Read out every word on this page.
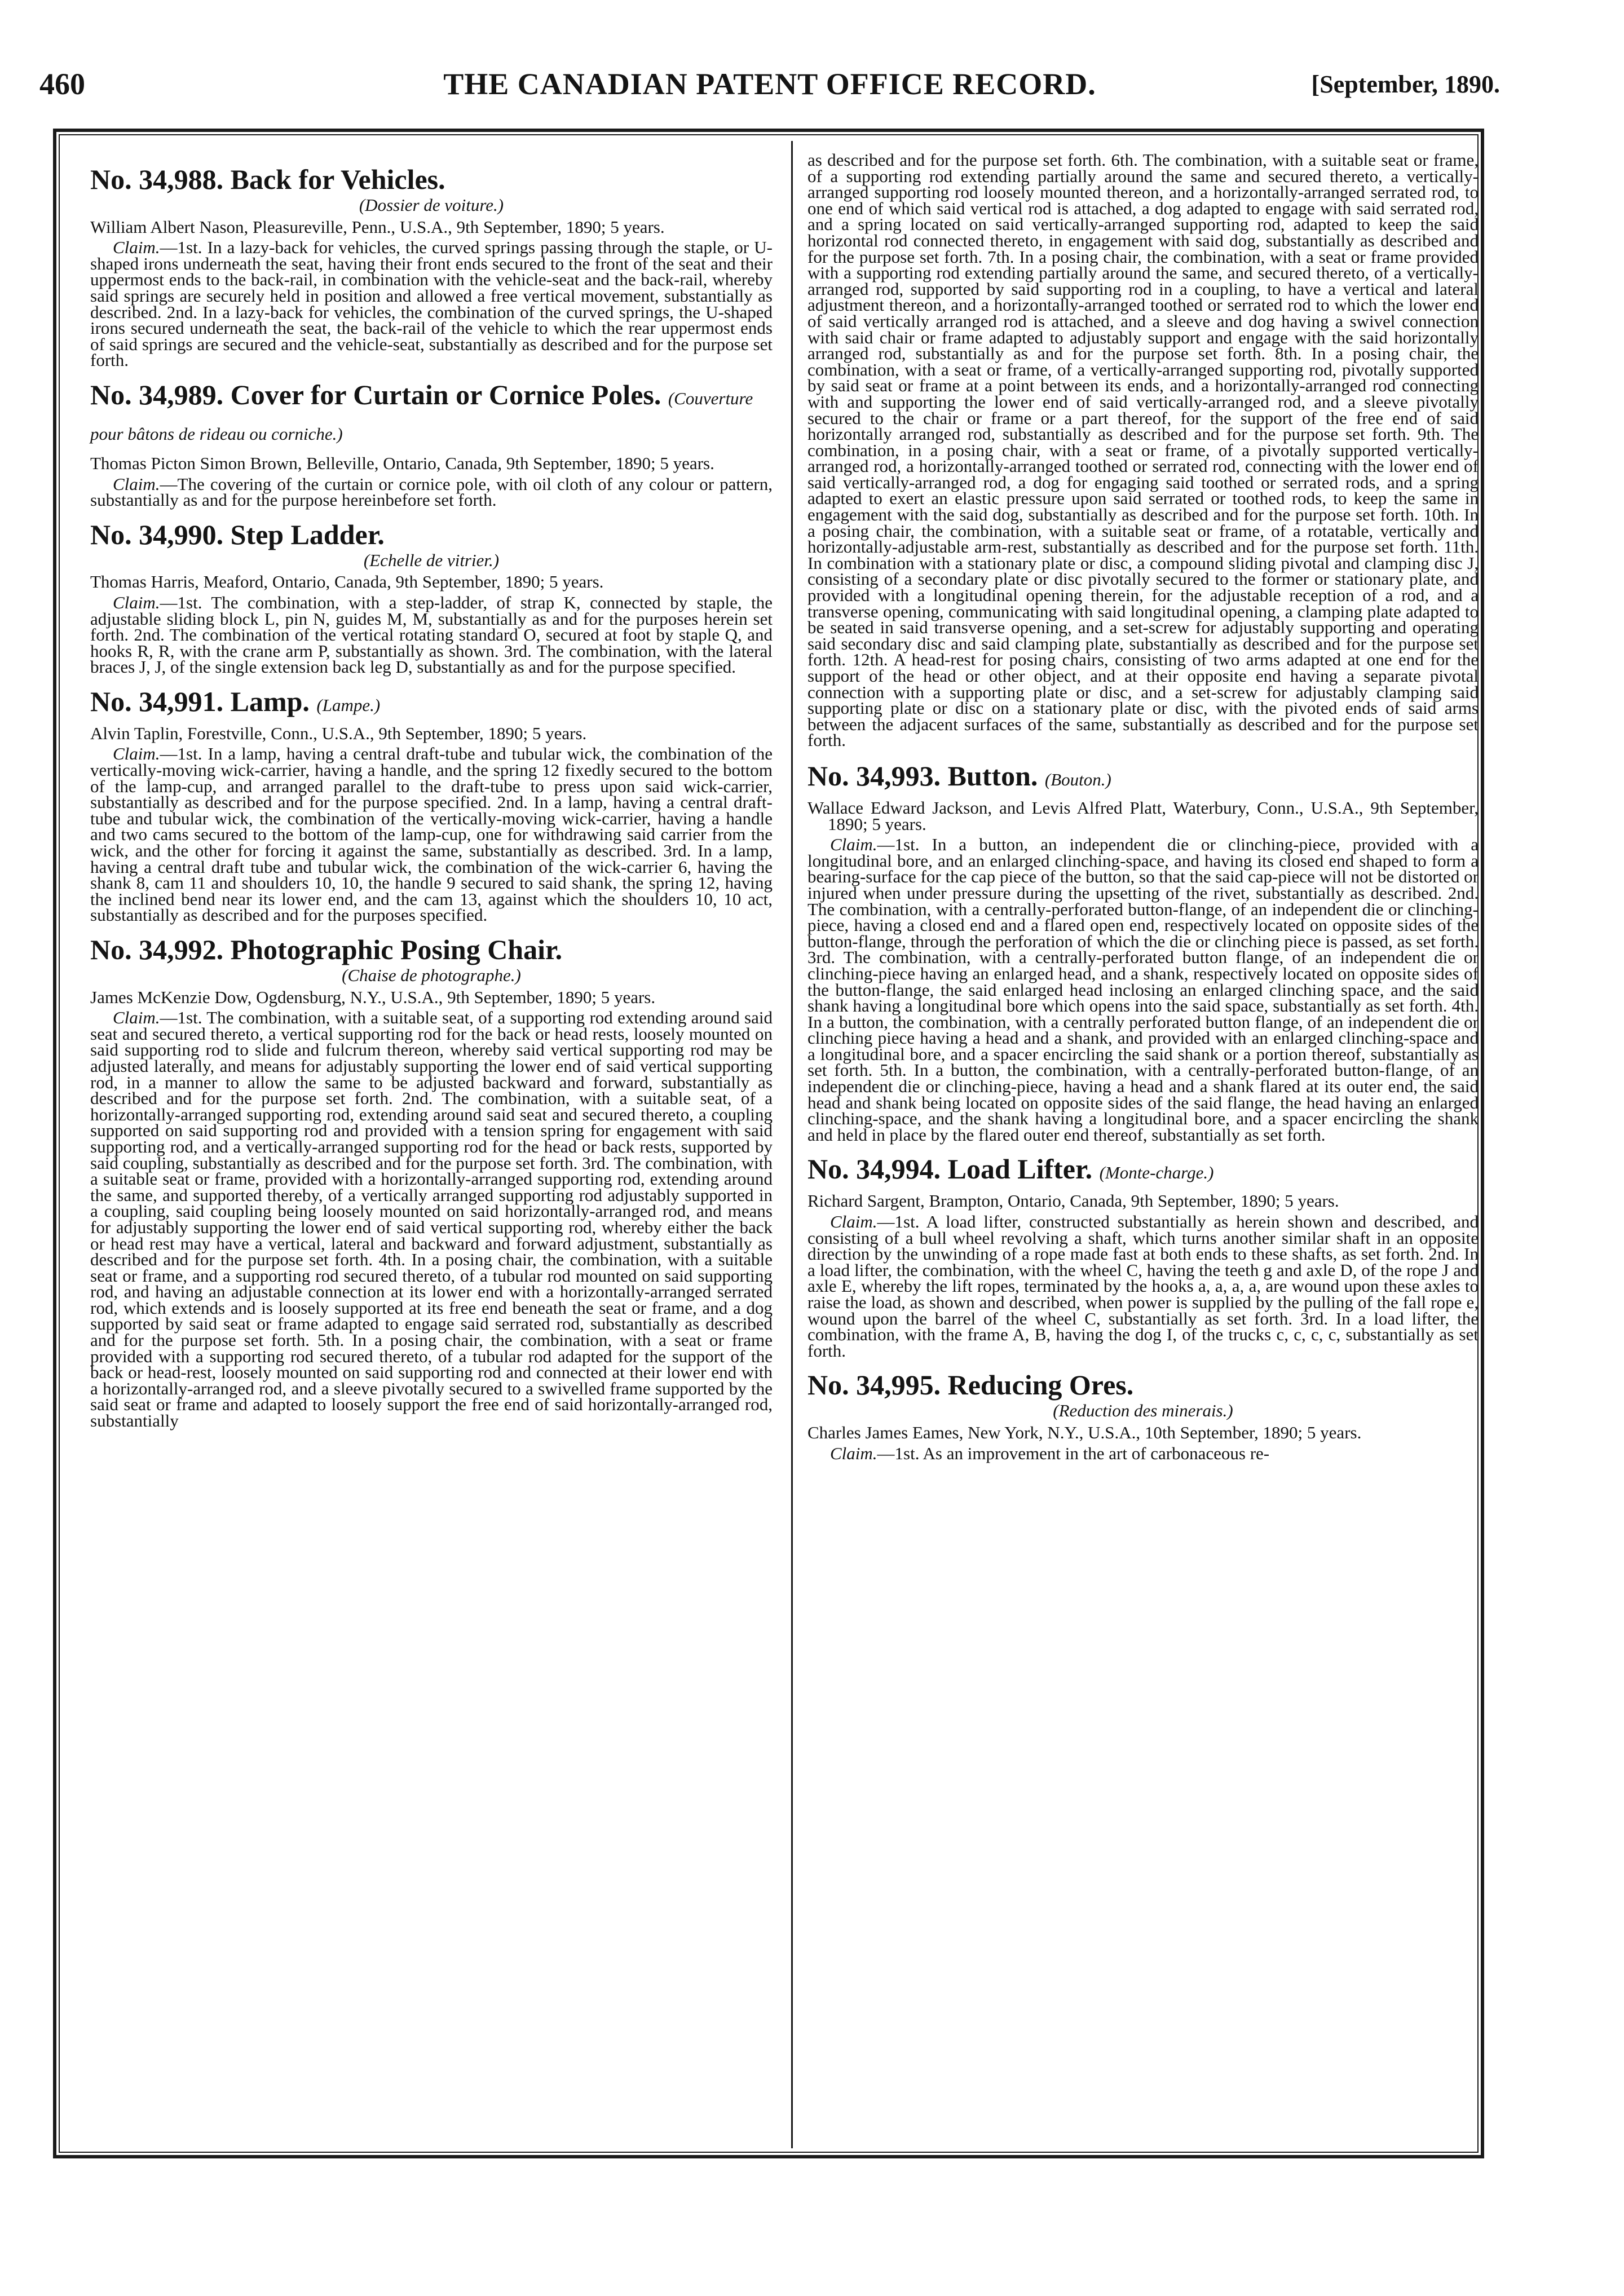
460	THE CANADIAN PATENT OFFICE RECORD.	[September, 1890.

No. 34,988. Back for Vehicles.

(Dossier de voiture.)

William Albert Nason, Pleasureville, Penn., U.S.A., 9th September, 1890; 5 years.

Claim.—1st. In a lazy-back for vehicles, the curved springs passing through the staple, or U-shaped irons underneath the seat, having their front ends secured to the front of the seat and their uppermost ends to the back-rail, in combination with the vehicle-seat and the back-rail, whereby said springs are securely held in position and allowed a free vertical movement, substantially as described. 2nd. In a lazy-back for vehicles, the combination of the curved springs, the U-shaped irons secured underneath the seat, the back-rail of the vehicle to which the rear uppermost ends of said springs are secured and the vehicle-seat, substantially as described and for the purpose set forth.

No. 34,989. Cover for Curtain or Cornice Poles. (Couverture pour bâtons de rideau ou corniche.)

Thomas Picton Simon Brown, Belleville, Ontario, Canada, 9th September, 1890; 5 years.

Claim.—The covering of the curtain or cornice pole, with oil cloth of any colour or pattern, substantially as and for the purpose hereinbefore set forth.

No. 34,990. Step Ladder.

(Echelle de vitrier.)

Thomas Harris, Meaford, Ontario, Canada, 9th September, 1890; 5 years.

Claim.—1st. The combination, with a step-ladder, of strap K, connected by staple, the adjustable sliding block L, pin N, guides M, M, substantially as and for the purposes herein set forth. 2nd. The combination of the vertical rotating standard O, secured at foot by staple Q, and hooks R, R, with the crane arm P, substantially as shown. 3rd. The combination, with the lateral braces J, J, of the single extension back leg D, substantially as and for the purpose specified.

No. 34,991. Lamp. (Lampe.)

Alvin Taplin, Forestville, Conn., U.S.A., 9th September, 1890; 5 years.

Claim.—1st. In a lamp, having a central draft-tube and tubular wick, the combination of the vertically-moving wick-carrier, having a handle, and the spring 12 fixedly secured to the bottom of the lamp-cup, and arranged parallel to the draft-tube to press upon said wick-carrier, substantially as described and for the purpose specified. 2nd. In a lamp, having a central draft-tube and tubular wick, the combination of the vertically-moving wick-carrier, having a handle and two cams secured to the bottom of the lamp-cup, one for withdrawing said carrier from the wick, and the other for forcing it against the same, substantially as described. 3rd. In a lamp, having a central draft tube and tubular wick, the combination of the wick-carrier 6, having the shank 8, cam 11 and shoulders 10, 10, the handle 9 secured to said shank, the spring 12, having the inclined bend near its lower end, and the cam 13, against which the shoulders 10, 10 act, substantially as described and for the purposes specified.

No. 34,992. Photographic Posing Chair.

(Chaise de photographe.)

James McKenzie Dow, Ogdensburg, N.Y., U.S.A., 9th September, 1890; 5 years.

Claim.—1st. The combination, with a suitable seat, of a supporting rod extending around said seat and secured thereto, a vertical supporting rod for the back or head rests, loosely mounted on said supporting rod to slide and fulcrum thereon, whereby said vertical supporting rod may be adjusted laterally, and means for adjustably supporting the lower end of said vertical supporting rod, in a manner to allow the same to be adjusted backward and forward, substantially as described and for the purpose set forth. 2nd. The combination, with a suitable seat, of a horizontally-arranged supporting rod, extending around said seat and secured thereto, a coupling supported on said supporting rod and provided with a tension spring for engagement with said supporting rod, and a vertically-arranged supporting rod for the head or back rests, supported by said coupling, substantially as described and for the purpose set forth. 3rd. The combination, with a suitable seat or frame, provided with a horizontally-arranged supporting rod, extending around the same, and supported thereby, of a vertically arranged supporting rod adjustably supported in a coupling, said coupling being loosely mounted on said horizontally-arranged rod, and means for adjustably supporting the lower end of said vertical supporting rod, whereby either the back or head rest may have a vertical, lateral and backward and forward adjustment, substantially as described and for the purpose set forth. 4th. In a posing chair, the combination, with a suitable seat or frame, and a supporting rod secured thereto, of a tubular rod mounted on said supporting rod, and having an adjustable connection at its lower end with a horizontally-arranged serrated rod, which extends and is loosely supported at its free end beneath the seat or frame, and a dog supported by said seat or frame adapted to engage said serrated rod, substantially as described and for the purpose set forth. 5th. In a posing chair, the combination, with a seat or frame provided with a supporting rod secured thereto, of a tubular rod adapted for the support of the back or head-rest, loosely mounted on said supporting rod and connected at their lower end with a horizontally-arranged rod, and a sleeve pivotally secured to a swivelled frame supported by the said seat or frame and adapted to loosely support the free end of said horizontally-arranged rod, substantially

as described and for the purpose set forth. 6th. The combination, with a suitable seat or frame, of a supporting rod extending partially around the same and secured thereto, a vertically-arranged supporting rod loosely mounted thereon, and a horizontally-arranged serrated rod, to one end of which said vertical rod is attached, a dog adapted to engage with said serrated rod, and a spring located on said vertically-arranged supporting rod, adapted to keep the said horizontal rod connected thereto, in engagement with said dog, substantially as described and for the purpose set forth. 7th. In a posing chair, the combination, with a seat or frame provided with a supporting rod extending partially around the same, and secured thereto, of a vertically-arranged rod, supported by said supporting rod in a coupling, to have a vertical and lateral adjustment thereon, and a horizontally-arranged toothed or serrated rod to which the lower end of said vertically arranged rod is attached, and a sleeve and dog having a swivel connection with said chair or frame adapted to adjustably support and engage with the said horizontally arranged rod, substantially as and for the purpose set forth. 8th. In a posing chair, the combination, with a seat or frame, of a vertically-arranged supporting rod, pivotally supported by said seat or frame at a point between its ends, and a horizontally-arranged rod connecting with and supporting the lower end of said vertically-arranged rod, and a sleeve pivotally secured to the chair or frame or a part thereof, for the support of the free end of said horizontally arranged rod, substantially as described and for the purpose set forth. 9th. The combination, in a posing chair, with a seat or frame, of a pivotally supported vertically-arranged rod, a horizontally-arranged toothed or serrated rod, connecting with the lower end of said vertically-arranged rod, a dog for engaging said toothed or serrated rods, and a spring adapted to exert an elastic pressure upon said serrated or toothed rods, to keep the same in engagement with the said dog, substantially as described and for the purpose set forth. 10th. In a posing chair, the combination, with a suitable seat or frame, of a rotatable, vertically and horizontally-adjustable arm-rest, substantially as described and for the purpose set forth. 11th. In combination with a stationary plate or disc, a compound sliding pivotal and clamping disc J, consisting of a secondary plate or disc pivotally secured to the former or stationary plate, and provided with a longitudinal opening therein, for the adjustable reception of a rod, and a transverse opening, communicating with said longitudinal opening, a clamping plate adapted to be seated in said transverse opening, and a set-screw for adjustably supporting and operating said secondary disc and said clamping plate, substantially as described and for the purpose set forth. 12th. A head-rest for posing chairs, consisting of two arms adapted at one end for the support of the head or other object, and at their opposite end having a separate pivotal connection with a supporting plate or disc, and a set-screw for adjustably clamping said supporting plate or disc on a stationary plate or disc, with the pivoted ends of said arms between the adjacent surfaces of the same, substantially as described and for the purpose set forth.

No. 34,993. Button. (Bouton.)

Wallace Edward Jackson, and Levis Alfred Platt, Waterbury, Conn., U.S.A., 9th September, 1890; 5 years.

Claim.—1st. In a button, an independent die or clinching-piece, provided with a longitudinal bore, and an enlarged clinching-space, and having its closed end shaped to form a bearing-surface for the cap piece of the button, so that the said cap-piece will not be distorted or injured when under pressure during the upsetting of the rivet, substantially as described. 2nd. The combination, with a centrally-perforated button-flange, of an independent die or clinching-piece, having a closed end and a flared open end, respectively located on opposite sides of the button-flange, through the perforation of which the die or clinching piece is passed, as set forth. 3rd. The combination, with a centrally-perforated button flange, of an independent die or clinching-piece having an enlarged head, and a shank, respectively located on opposite sides of the button-flange, the said enlarged head inclosing an enlarged clinching space, and the said shank having a longitudinal bore which opens into the said space, substantially as set forth. 4th. In a button, the combination, with a centrally perforated button flange, of an independent die or clinching piece having a head and a shank, and provided with an enlarged clinching-space and a longitudinal bore, and a spacer encircling the said shank or a portion thereof, substantially as set forth. 5th. In a button, the combination, with a centrally-perforated button-flange, of an independent die or clinching-piece, having a head and a shank flared at its outer end, the said head and shank being located on opposite sides of the said flange, the head having an enlarged clinching-space, and the shank having a longitudinal bore, and a spacer encircling the shank and held in place by the flared outer end thereof, substantially as set forth.

No. 34,994. Load Lifter. (Monte-charge.)

Richard Sargent, Brampton, Ontario, Canada, 9th September, 1890; 5 years.

Claim.—1st. A load lifter, constructed substantially as herein shown and described, and consisting of a bull wheel revolving a shaft, which turns another similar shaft in an opposite direction by the unwinding of a rope made fast at both ends to these shafts, as set forth. 2nd. In a load lifter, the combination, with the wheel C, having the teeth g and axle D, of the rope J and axle E, whereby the lift ropes, terminated by the hooks a, a, a, a, are wound upon these axles to raise the load, as shown and described, when power is supplied by the pulling of the fall rope e, wound upon the barrel of the wheel C, substantially as set forth. 3rd. In a load lifter, the combination, with the frame A, B, having the dog I, of the trucks c, c, c, c, substantially as set forth.

No. 34,995. Reducing Ores.

(Reduction des minerais.)

Charles James Eames, New York, N.Y., U.S.A., 10th September, 1890; 5 years.

Claim.—1st. As an improvement in the art of carbonaceous re-
